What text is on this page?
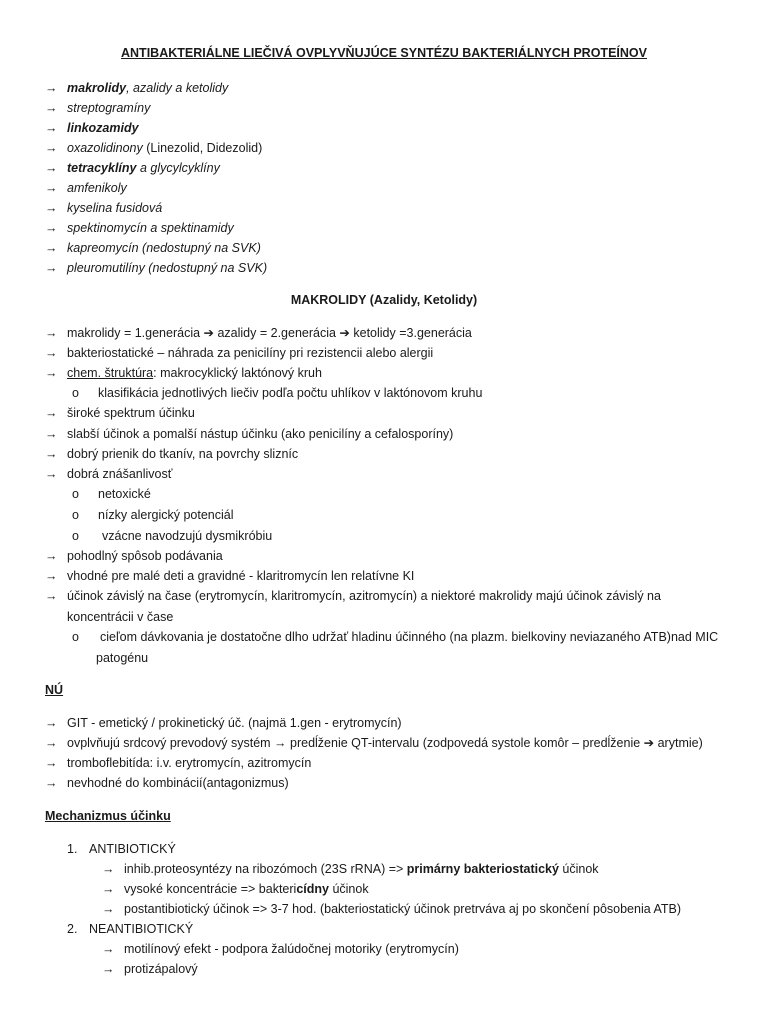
ANTIBAKTERIÁLNE LIEČIVÁ OVPLYVŇUJÚCE SYNTÉZU BAKTERIÁLNYCH PROTEÍNOV
→ makrolidy, azalidy a ketolidy
→ streptogramíny
→ linkozamidy
→ oxazolidinony (Linezolid, Didezolid)
→ tetracyklíny a glycylcyklíny
→ amfenikoly
→ kyselina fusidová
→ spektinomycín a spektinamidy
→ kapreomycín (nedostupný na SVK)
→ pleuromutilíny (nedostupný na SVK)
MAKROLIDY (Azalidy, Ketolidy)
→ makrolidy = 1.generácia ➔ azalidy = 2.generácia ➔ ketolidy =3.generácia
→ bakteriostatické – náhrada za penicilíny pri rezistencii alebo alergii
→ chem. štruktúra: makrocyklický laktónový kruh
o klasifikácia jednotlivých liečiv podľa počtu uhlíkov v laktónovom kruhu
→ široké spektrum účinku
→ slabší účinok a pomalší nástup účinku (ako penicilíny a cefalosporíny)
→ dobrý prienik do tkanív, na povrchy slizníc
→ dobrá znášanlivosť
o netoxické
o nízky alergický potenciál
o vzácne navodzujú dysmikróbiu
→ pohodlný spôsob podávania
→ vhodné pre malé deti a gravidné - klaritromycín len relatívne KI
→ účinok závislý na čase (erytromycín, klaritromycín, azitromycín) a niektoré makrolidy majú účinok závislý na
koncentrácii v čase
o cieľom dávkovania je dostatočne dlho udržať hladinu účinného (na plazm. bielkoviny neviazaného ATB)nad MIC
patogénu
NÚ
→ GIT - emetický / prokinetický úč. (najmä 1.gen - erytromycín)
→ ovplvňujú srdcový prevodový systém → predĺženie QT-intervalu (zodpovedá systole komôr – predĺženie ➔ arytmie)
→ tromboflebitída: i.v. erytromycín, azitromycín
→ nevhodné do kombinácií(antagonizmus)
Mechanizmus účinku
1. ANTIBIOTICKÝ
→ inhib.proteosyntézy na ribozómoch (23S rRNA) => primárny bakteriostatický účinok
→ vysoké koncentrácie => baktericídny účinok
→ postantibiotický účinok => 3-7 hod. (bakteriostatický účinok pretrváva aj po skončení pôsobenia ATB)
2. NEANTIBIOTICKÝ
→ motilínový efekt - podpora žalúdočnej motoriky (erytromycín)
→ protizápalový
